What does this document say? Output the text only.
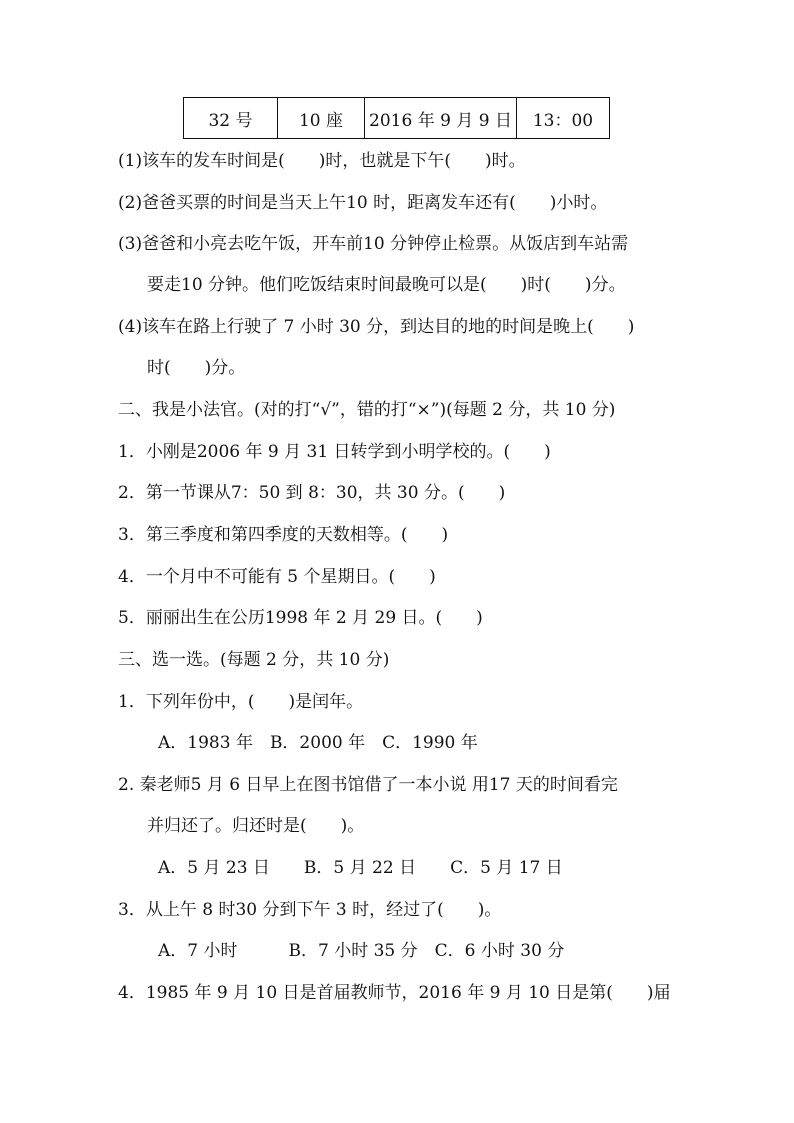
32 号	10 座	2016 年 9 月 9 日	13：00
(1)该车的发车时间是(　　)时，也就是下午(　　)时。
(2)爸爸买票的时间是当天上午10 时，距离发车还有(　　)小时。
(3)爸爸和小亮去吃午饭，开车前10 分钟停止检票。从饭店到车站需
要走10 分钟。他们吃饭结束时间最晚可以是(　　)时(　　)分。
(4)该车在路上行驶了 7 小时 30 分，到达目的地的时间是晚上(　　)
时(　　)分。
二、我是小法官。(对的打“√”，错的打“×”)(每题 2 分，共 10 分)
1．小刚是2006 年 9 月 31 日转学到小明学校的。(　　)
2．第一节课从7：50 到 8：30，共 30 分。(　　)
3．第三季度和第四季度的天数相等。(　　)
4．一个月中不可能有 5 个星期日。(　　)
5．丽丽出生在公历1998 年 2 月 29 日。(　　)
三、选一选。(每题 2 分，共 10 分)
1．下列年份中，(　　)是闰年。
A．1983 年　B．2000 年　C．1990 年
2. 秦老师5 月 6 日早上在图书馆借了一本小说 用17 天的时间看完
并归还了。归还时是(　　)。
A．5 月 23 日　　B．5 月 22 日　　C．5 月 17 日
3．从上午 8 时30 分到下午 3 时，经过了(　　)。
A．7 小时　　　B．7 小时 35 分　C．6 小时 30 分
4．1985 年 9 月 10 日是首届教师节，2016 年 9 月 10 日是第(　　)届
